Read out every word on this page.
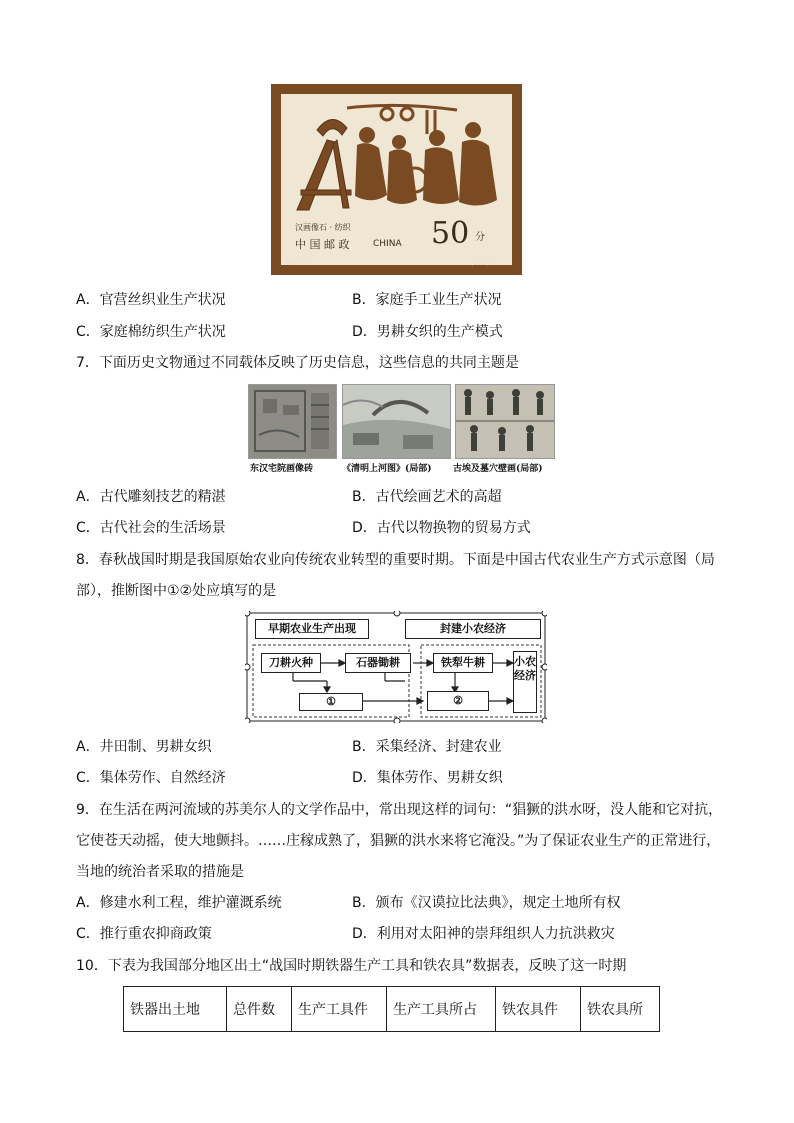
汉画像石 · 纺织
中 国 邮 政	CHINA 50 分
1999 - 2	(6 - 2) T
A．官营丝织业生产状况	B．家庭手工业生产状况
C．家庭棉纺织生产状况	D．男耕女织的生产模式
7．下面历史文物通过不同载体反映了历史信息，这些信息的共同主题是
东汉宅院画像砖	《清明上河图》(局部) 古埃及墓穴壁画(局部)
A．古代雕刻技艺的精湛	B．古代绘画艺术的高超
C．古代社会的生活场景	D．古代以物换物的贸易方式
8．春秋战国时期是我国原始农业向传统农业转型的重要时期。下面是中国古代农业生产方式示意图（局
部），推断图中①②处应填写的是
早期农业生产出现	封建小农经济
刀耕火种	石器锄耕
①
铁犁牛耕
②
小农经济
A．井田制、男耕女织	B．采集经济、封建农业
C．集体劳作、自然经济	D．集体劳作、男耕女织
9．在生活在两河流域的苏美尔人的文学作品中，常出现这样的词句：“猖獗的洪水呀，没人能和它对抗，
它使苍天动摇，使大地颤抖。……庄稼成熟了，猖獗的洪水来将它淹没。”为了保证农业生产的正常进行，
当地的统治者采取的措施是
A．修建水利工程，维护灌溉系统	B．颁布《汉谟拉比法典》，规定土地所有权
C．推行重农抑商政策	D．利用对太阳神的崇拜组织人力抗洪救灾
10．下表为我国部分地区出土“战国时期铁器生产工具和铁农具”数据表，反映了这一时期
铁器出土地	总件数	生产工具件	生产工具所占	铁农具件	铁农具所
